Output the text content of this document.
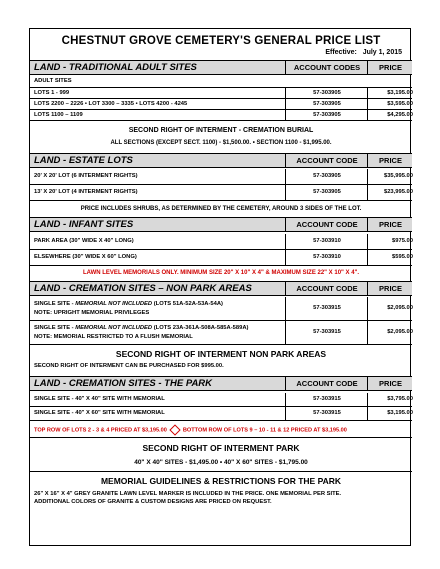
CHESTNUT GROVE CEMETERY'S GENERAL PRICE LIST
Effective: July 1, 2015
LAND - TRADITIONAL ADULT SITES	ACCOUNT CODES	PRICE
ADULT SITES
LOTS 1 - 999	57-303905	$3,195.00
LOTS 2200 – 2226 • LOT 3300 – 3335 • LOTS 4200 - 4245	57-303905	$3,595.00
LOTS 1100 – 1109	57-303905	$4,295.00
SECOND RIGHT OF INTERMENT - CREMATION BURIAL
ALL SECTIONS (EXCEPT SECT. 1100) - $1,500.00. • SECTION 1100 - $1,995.00.
LAND - ESTATE LOTS	ACCOUNT CODE	PRICE
20' X 20' LOT (6 INTERMENT RIGHTS)	57-303905	$35,995.00
13' X 20' LOT (4 INTERMENT RIGHTS)	57-303905	$23,995.00
PRICE INCLUDES SHRUBS, AS DETERMINED BY THE CEMETERY, AROUND 3 SIDES OF THE LOT.
LAND - INFANT SITES	ACCOUNT CODE	PRICE
PARK AREA (30" WIDE X 40" LONG)	57-303910	$975.00
ELSEWHERE (30" WIDE X 60" LONG)	57-303910	$595.00
LAWN LEVEL MEMORIALS ONLY. MINIMUM SIZE 20" X 10" X 4" & MAXIMUM SIZE 22" X 10" X 4".
LAND - CREMATION SITES – NON PARK AREAS	ACCOUNT CODE	PRICE
SINGLE SITE - MEMORIAL NOT INCLUDED (LOTS 51A-52A-53A-54A)
NOTE: UPRIGHT MEMORIAL PRIVILEGES
57-303915	$2,095.00
SINGLE SITE - MEMORIAL NOT INCLUDED (LOTS 23A-361A-508A-585A-589A)
NOTE: MEMORIAL RESTRICTED TO A FLUSH MEMORIAL
57-303915	$2,095.00
SECOND RIGHT OF INTERMENT NON PARK AREAS
SECOND RIGHT OF INTERMENT CAN BE PURCHASED FOR $995.00.
LAND - CREMATION SITES - THE PARK	ACCOUNT CODE	PRICE
SINGLE SITE - 40" X 40" SITE WITH MEMORIAL	57-303915	$3,795.00
SINGLE SITE - 40" X 60" SITE WITH MEMORIAL	57-303915	$3,195.00
TOP ROW OF LOTS 2 - 3 & 4 PRICED AT $3,195.00	BOTTOM ROW OF LOTS 9 – 10 - 11 & 12 PRICED AT $3,195.00
SECOND RIGHT OF INTERMENT PARK
40" X 40" SITES - $1,495.00 • 40" X 60" SITES - $1,795.00
MEMORIAL GUIDELINES & RESTRICTIONS FOR THE PARK
26" X 16" X 4" GREY GRANITE LAWN LEVEL MARKER IS INCLUDED IN THE PRICE. ONE MEMORIAL PER SITE.
ADDITIONAL COLORS OF GRANITE & CUSTOM DESIGNS ARE PRICED ON REQUEST.
